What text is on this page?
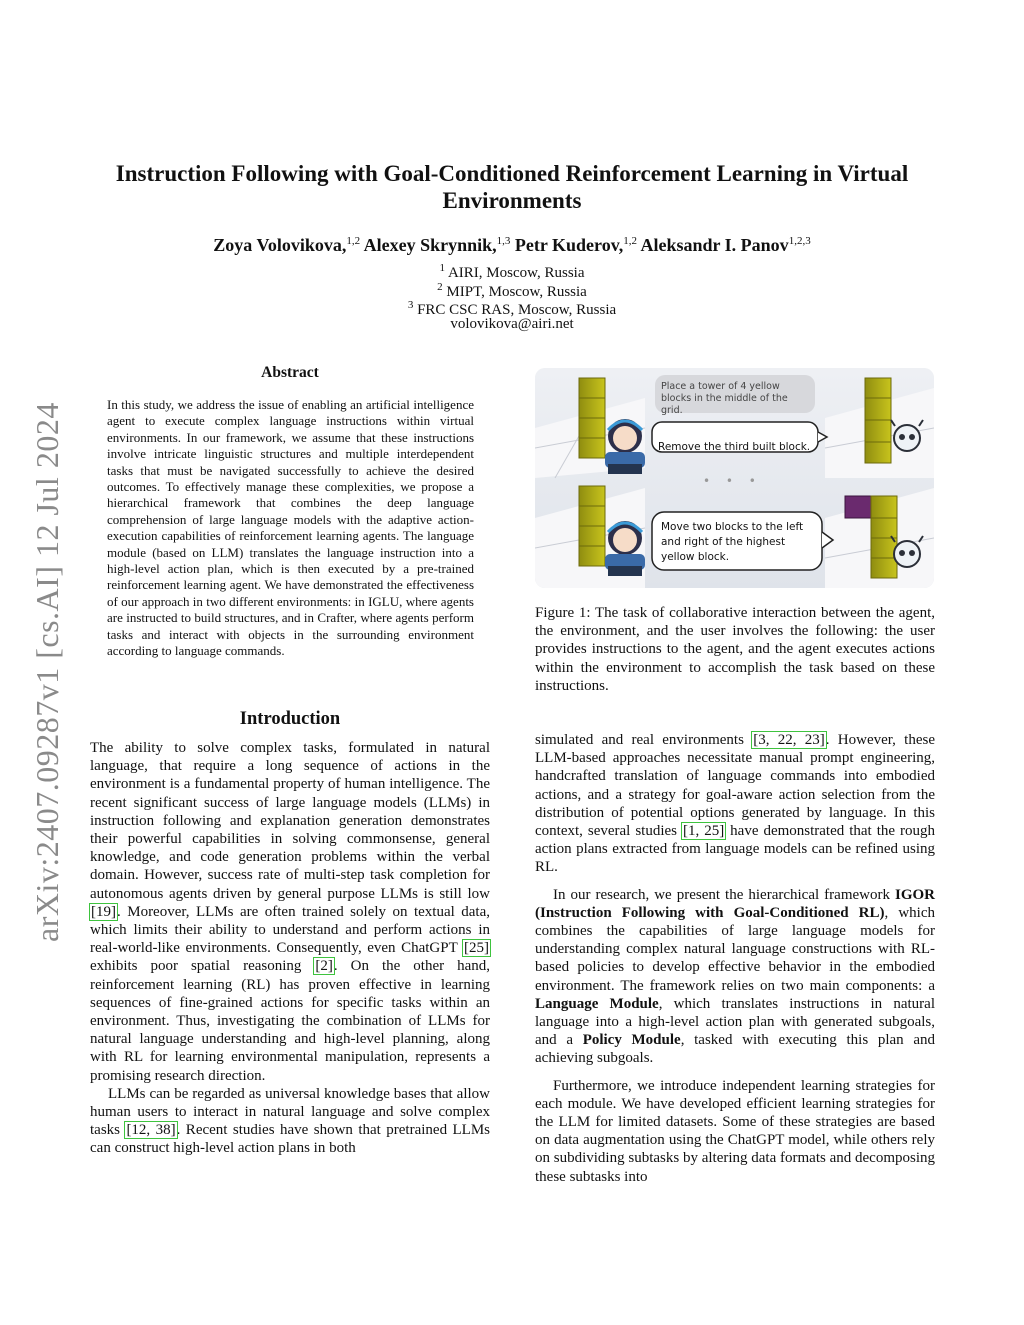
arXiv:2407.09287v1 [cs.AI] 12 Jul 2024
Instruction Following with Goal-Conditioned Reinforcement Learning in Virtual Environments
Zoya Volovikova,$^{1,2}$ Alexey Skrynnik,$^{1,3}$ Petr Kuderov,$^{1,2}$ Aleksandr I. Panov$^{1,2,3}$
$^1$ AIRI, Moscow, Russia
$^2$ MIPT, Moscow, Russia
$^3$ FRC CSC RAS, Moscow, Russia
volovikova@airi.net
Abstract
In this study, we address the issue of enabling an artificial intelligence agent to execute complex language instructions within virtual environments. In our framework, we assume that these instructions involve intricate linguistic structures and multiple interdependent tasks that must be navigated successfully to achieve the desired outcomes. To effectively manage these complexities, we propose a hierarchical framework that combines the deep language comprehension of large language models with the adaptive action-execution capabilities of reinforcement learning agents. The language module (based on LLM) translates the language instruction into a high-level action plan, which is then executed by a pre-trained reinforcement learning agent. We have demonstrated the effectiveness of our approach in two different environments: in IGLU, where agents are instructed to build structures, and in Crafter, where agents perform tasks and interact with objects in the surrounding environment according to language commands.
Place a tower of 4 yellow blocks in the middle of the grid.
Remove the third built block.
• • •
Move two blocks to the left and right of the highest yellow block.
Figure 1: The task of collaborative interaction between the agent, the environment, and the user involves the following: the user provides instructions to the agent, and the agent executes actions within the environment to accomplish the task based on these instructions.
Introduction

The ability to solve complex tasks, formulated in natural language, that require a long sequence of actions in the environment is a fundamental property of human intelligence. The recent significant success of large language models (LLMs) in instruction following and explanation generation demonstrates their powerful capabilities in solving commonsense, general knowledge, and code generation problems within the verbal domain. However, success rate of multi-step task completion for autonomous agents driven by general purpose LLMs is still low [19]. Moreover, LLMs are often trained solely on textual data, which limits their ability to understand and perform actions in real-world-like environments. Consequently, even ChatGPT [25] exhibits poor spatial reasoning [2]. On the other hand, reinforcement learning (RL) has proven effective in learning sequences of fine-grained actions for specific tasks within an environment. Thus, investigating the combination of LLMs for natural language understanding and high-level planning, along with RL for learning environmental manipulation, represents a promising research direction.

LLMs can be regarded as universal knowledge bases that allow human users to interact in natural language and solve complex tasks [12, 38]. Recent studies have shown that pretrained LLMs can construct high-level action plans in both

simulated and real environments [3, 22, 23]. However, these LLM-based approaches necessitate manual prompt engineering, handcrafted translation of language commands into embodied actions, and a strategy for goal-aware action selection from the distribution of potential options generated by language. In this context, several studies [1, 25] have demonstrated that the rough action plans extracted from language models can be refined using RL.

In our research, we present the hierarchical framework IGOR (Instruction Following with Goal-Conditioned RL), which combines the capabilities of large language models for understanding complex natural language constructions with RL-based policies to develop effective behavior in the embodied environment. The framework relies on two main components: a Language Module, which translates instructions in natural language into a high-level action plan with generated subgoals, and a Policy Module, tasked with executing this plan and achieving subgoals.

Furthermore, we introduce independent learning strategies for each module. We have developed efficient learning strategies for the LLM for limited datasets. Some of these strategies are based on data augmentation using the ChatGPT model, while others rely on subdividing subtasks by altering data formats and decomposing these subtasks into
